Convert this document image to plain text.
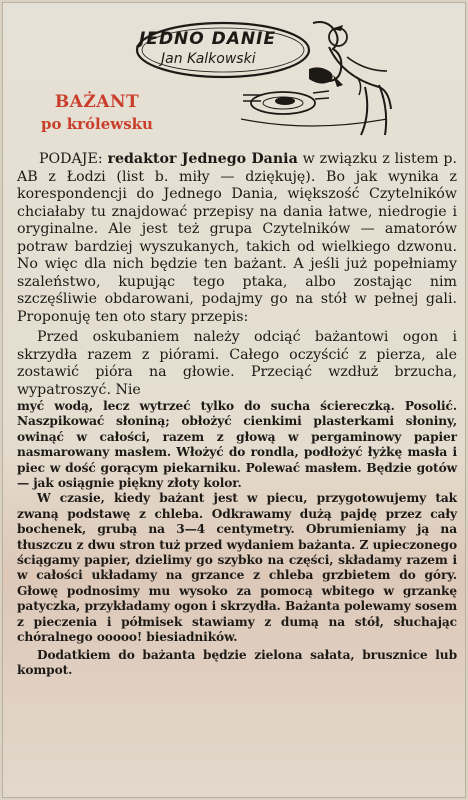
JEDNO DANIE
Jan Kalkowski
BAŻANT
po królewsku

PODAJE: redaktor Jednego Dania w związku z listem p. AB z Łodzi (list b. miły — dziękuję). Bo jak wynika z korespondencji do Jednego Dania, większość Czytelników chciałaby tu znajdować przepisy na dania łatwe, niedrogie i oryginalne. Ale jest też grupa Czytelników — amatorów potraw bardziej wyszukanych, takich od wielkiego dzwonu. No więc dla nich będzie ten bażant. A jeśli już popełniamy szaleństwo, kupując tego ptaka, albo zostając nim szczęśliwie obdarowani, podajmy go na stół w pełnej gali. Proponuję ten oto stary przepis:

Przed oskubaniem należy odciąć bażantowi ogon i skrzydła razem z piórami. Całego oczyścić z pierza, ale zostawić pióra na głowie. Przeciąć wzdłuż brzucha, wypatroszyć. Nie

myć wodą, lecz wytrzeć tylko do sucha ściereczką. Posolić. Naszpikować słoniną; obłożyć cienkimi plasterkami słoniny, owinąć w całości, razem z głową w pergaminowy papier nasmarowany masłem. Włożyć do rondla, podłożyć łyżkę masła i piec w dość gorącym piekarniku. Polewać masłem. Będzie gotów — jak osiągnie piękny złoty kolor.

W czasie, kiedy bażant jest w piecu, przygotowujemy tak zwaną podstawę z chleba. Odkrawamy dużą pajdę przez cały bochenek, grubą na 3—4 centymetry. Obrumieniamy ją na tłuszczu z dwu stron tuż przed wydaniem bażanta. Z upieczonego ściągamy papier, dzielimy go szybko na części, składamy razem i w całości układamy na grzance z chleba grzbietem do góry. Głowę podnosimy mu wysoko za pomocą wbitego w grzankę patyczka, przykładamy ogon i skrzydła. Bażanta polewamy sosem z pieczenia i półmisek stawiamy z dumą na stół, słuchając chóralnego ooooo! biesiadników.

Dodatkiem do bażanta będzie zielona sałata, brusznice lub kompot.
